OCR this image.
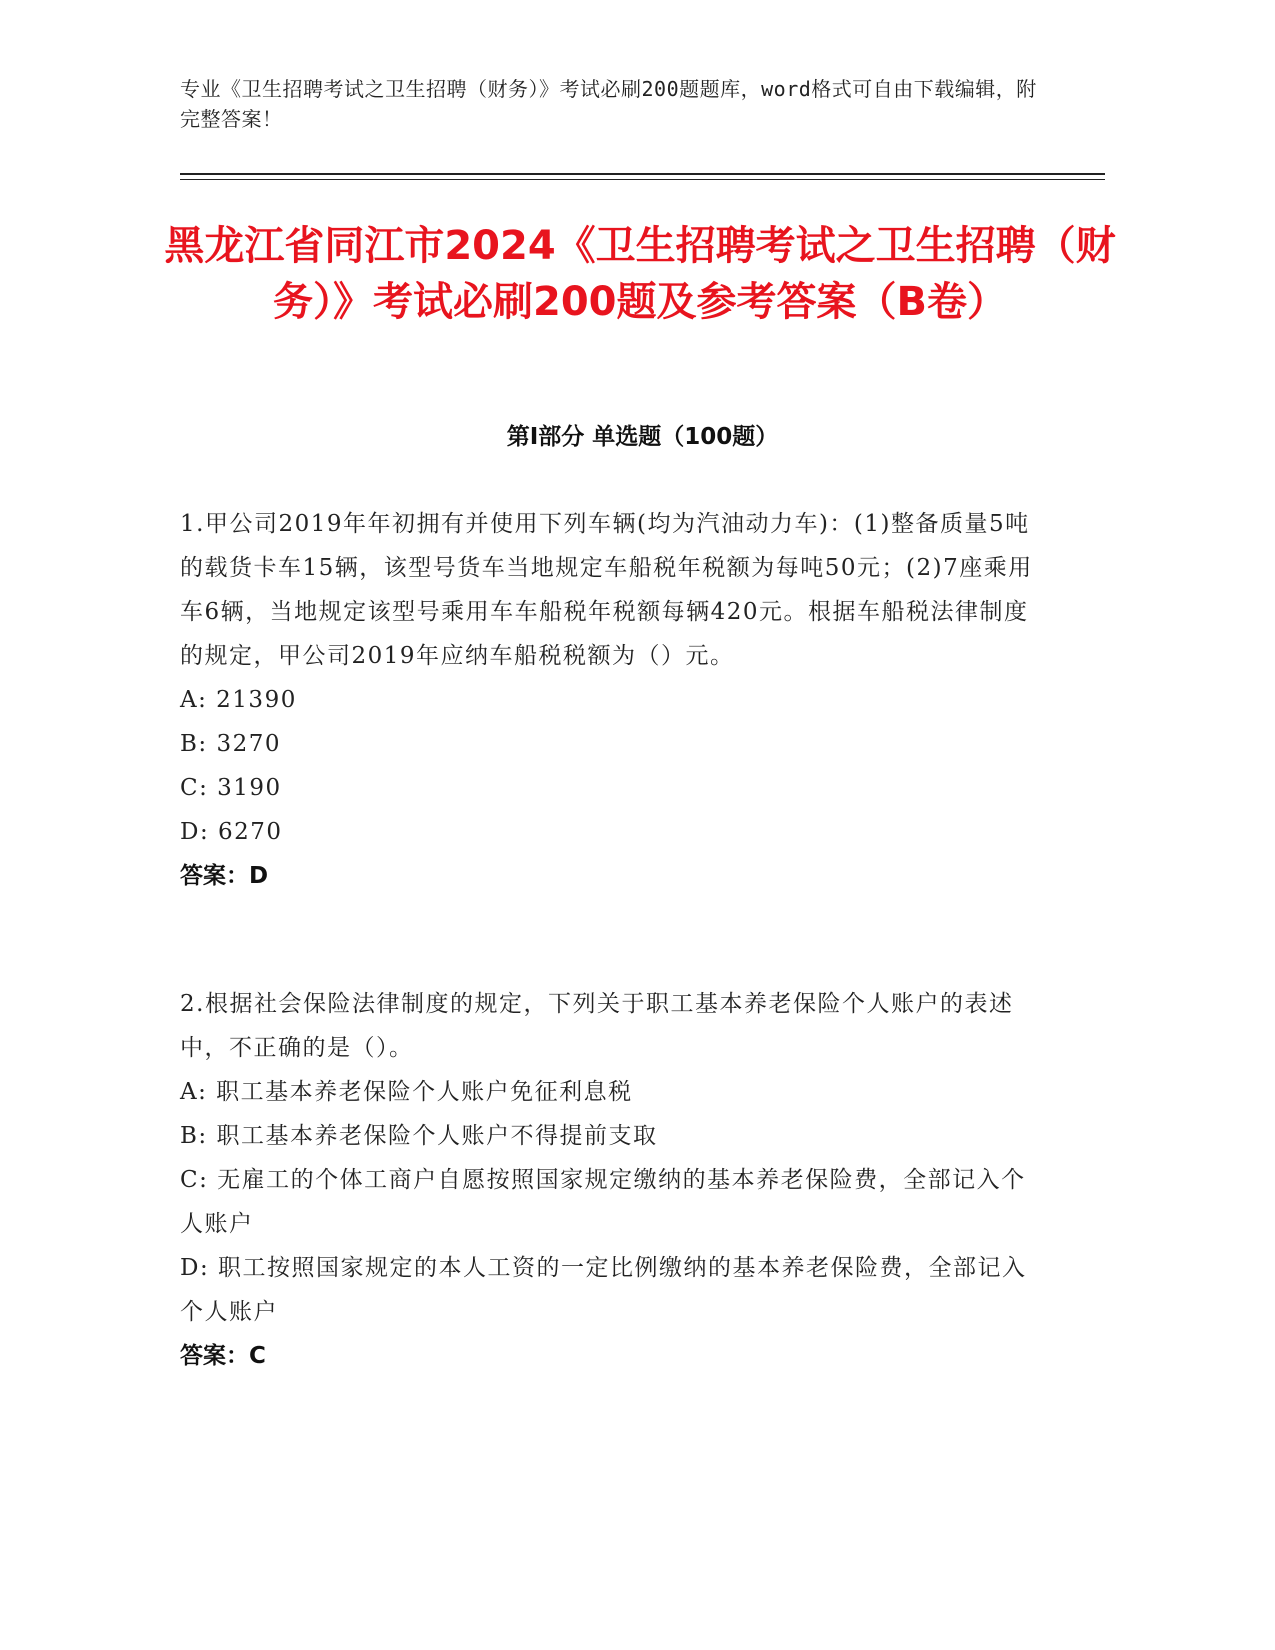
专业《卫生招聘考试之卫生招聘（财务）》考试必刷200题题库，word格式可自由下载编辑，附完整答案！
黑龙江省同江市2024《卫生招聘考试之卫生招聘（财务）》考试必刷200题及参考答案（B卷）
第Ⅰ部分 单选题（100题）

1.甲公司2019年年初拥有并使用下列车辆(均为汽油动力车)：(1)整备质量5吨的载货卡车15辆，该型号货车当地规定车船税年税额为每吨50元；(2)7座乘用车6辆，当地规定该型号乘用车车船税年税额每辆420元。根据车船税法律制度的规定，甲公司2019年应纳车船税税额为（）元。

A: 21390

B: 3270

C: 3190

D: 6270

答案：D

2.根据社会保险法律制度的规定，下列关于职工基本养老保险个人账户的表述中，不正确的是（）。

A: 职工基本养老保险个人账户免征利息税

B: 职工基本养老保险个人账户不得提前支取

C: 无雇工的个体工商户自愿按照国家规定缴纳的基本养老保险费，全部记入个人账户

D: 职工按照国家规定的本人工资的一定比例缴纳的基本养老保险费，全部记入个人账户

答案：C
